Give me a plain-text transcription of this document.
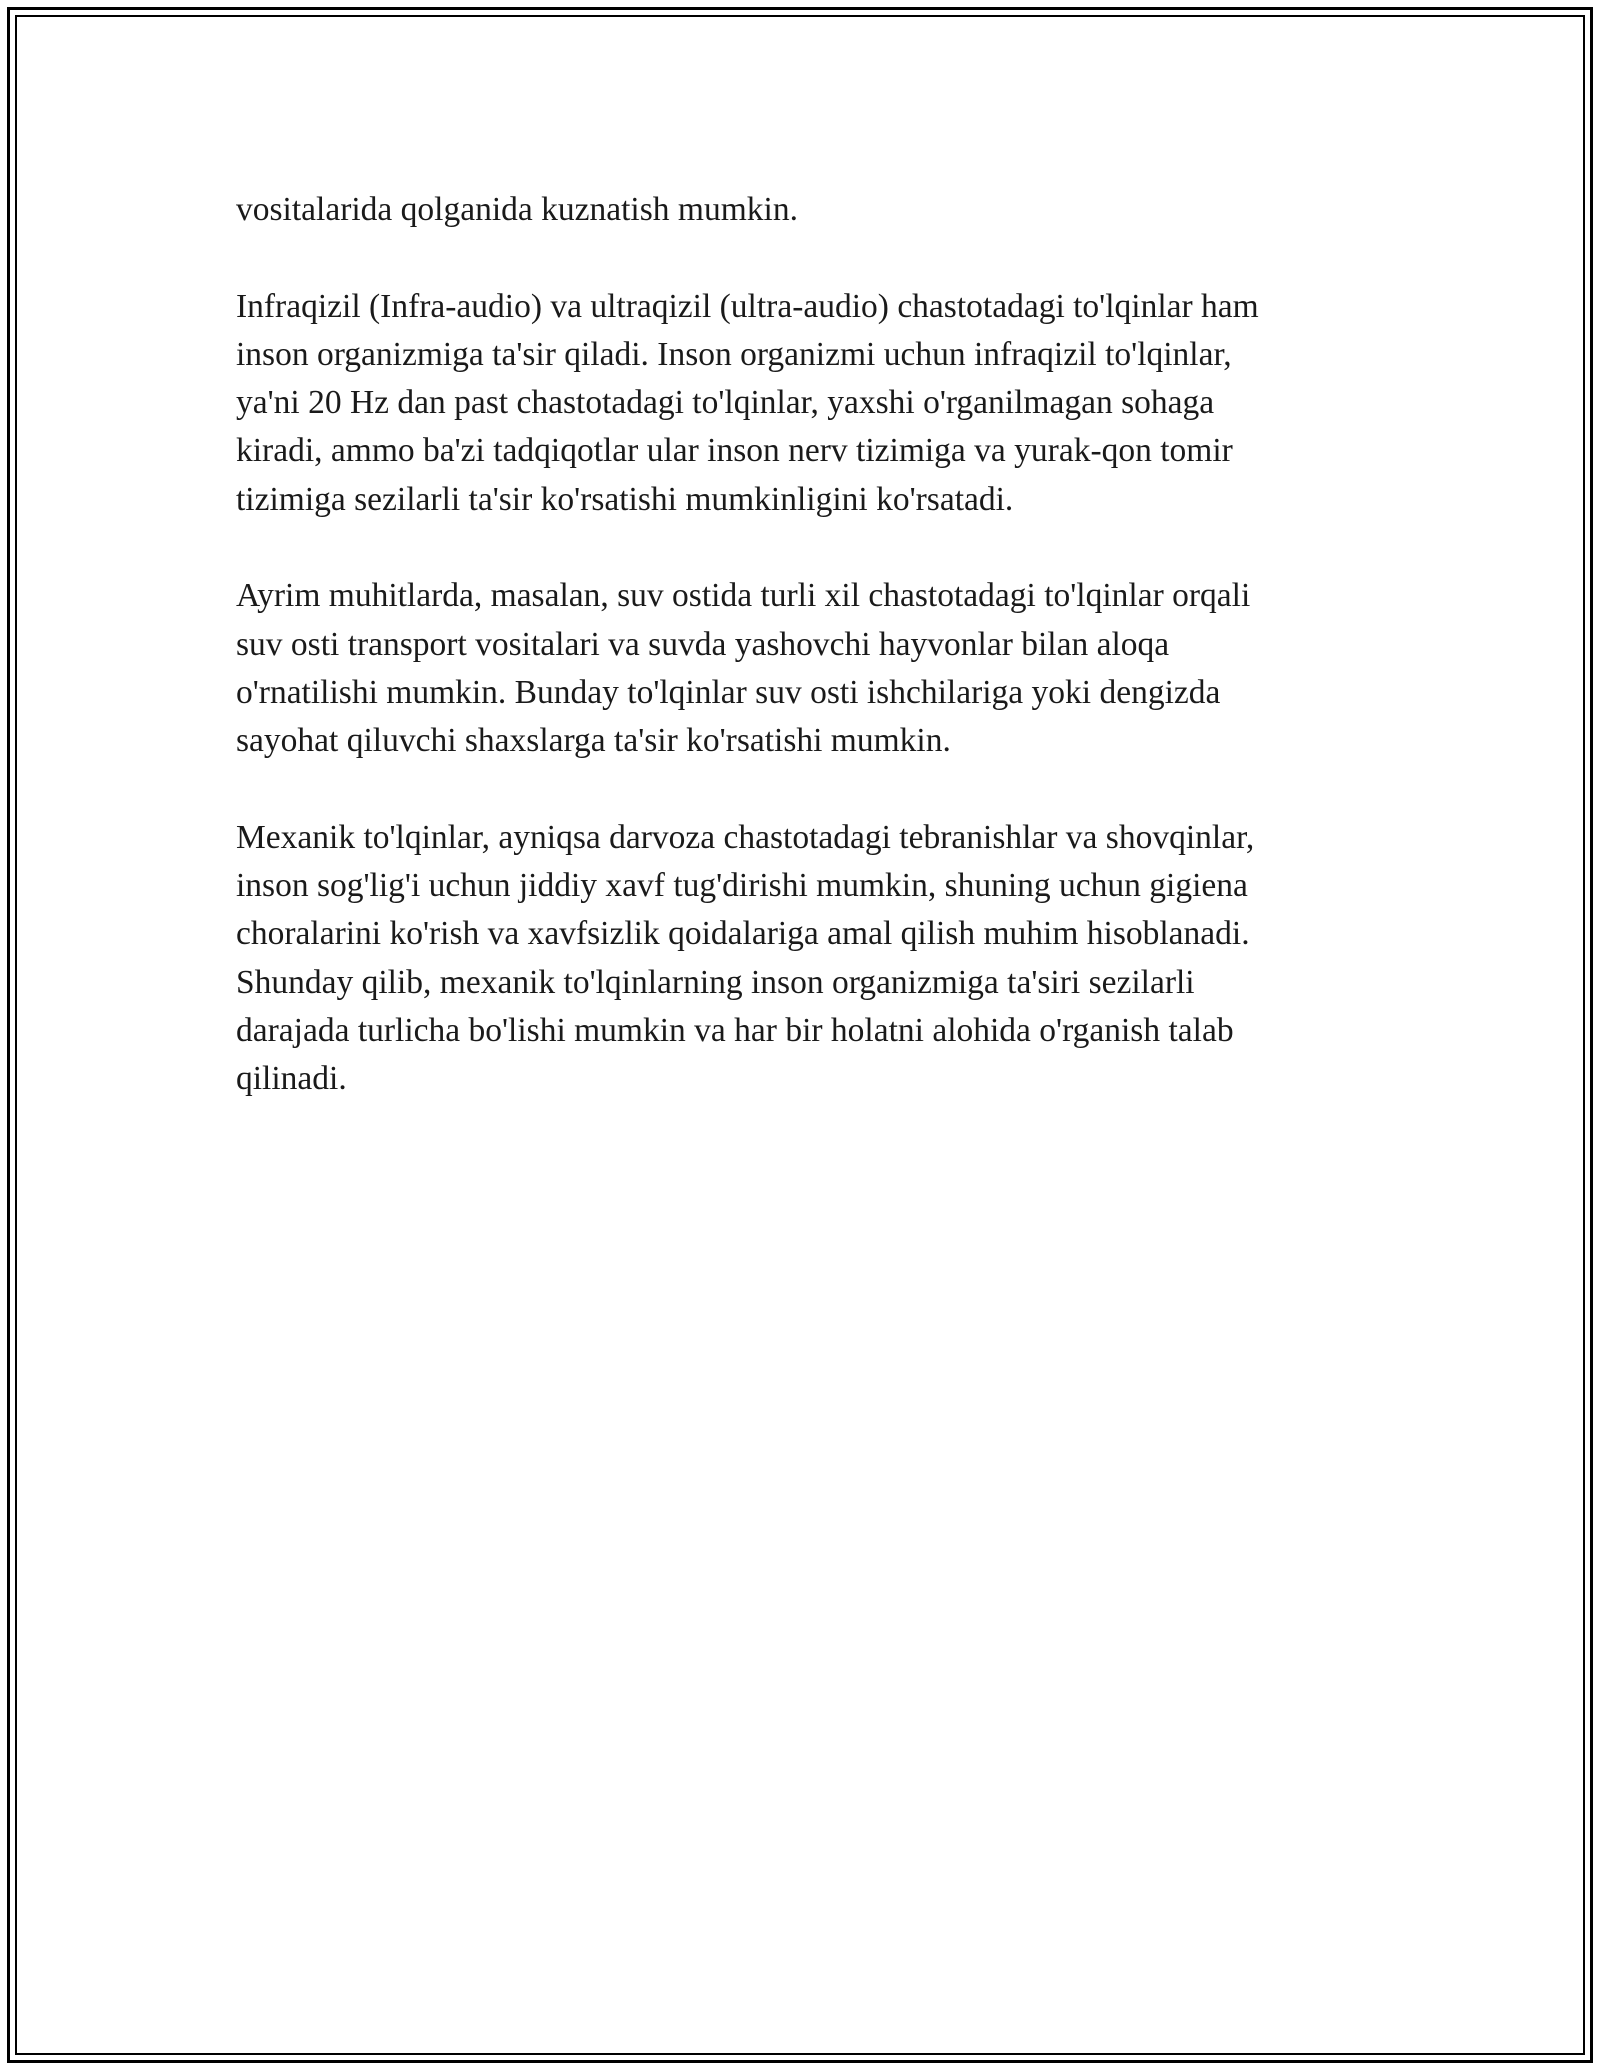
vositalarida qolganida kuznatish mumkin.

Infraqizil (Infra-audio) va ultraqizil (ultra-audio) chastotadagi to'lqinlar ham
inson organizmiga ta'sir qiladi. Inson organizmi uchun infraqizil to'lqinlar,
ya'ni 20 Hz dan past chastotadagi to'lqinlar, yaxshi o'rganilmagan sohaga
kiradi, ammo ba'zi tadqiqotlar ular inson nerv tizimiga va yurak-qon tomir
tizimiga sezilarli ta'sir ko'rsatishi mumkinligini ko'rsatadi.

Ayrim muhitlarda, masalan, suv ostida turli xil chastotadagi to'lqinlar orqali
suv osti transport vositalari va suvda yashovchi hayvonlar bilan aloqa
o'rnatilishi mumkin. Bunday to'lqinlar suv osti ishchilariga yoki dengizda
sayohat qiluvchi shaxslarga ta'sir ko'rsatishi mumkin.

Mexanik to'lqinlar, ayniqsa darvoza chastotadagi tebranishlar va shovqinlar,
inson sog'lig'i uchun jiddiy xavf tug'dirishi mumkin, shuning uchun gigiena
choralarini ko'rish va xavfsizlik qoidalariga amal qilish muhim hisoblanadi.
Shunday qilib, mexanik to'lqinlarning inson organizmiga ta'siri sezilarli
darajada turlicha bo'lishi mumkin va har bir holatni alohida o'rganish talab
qilinadi.
